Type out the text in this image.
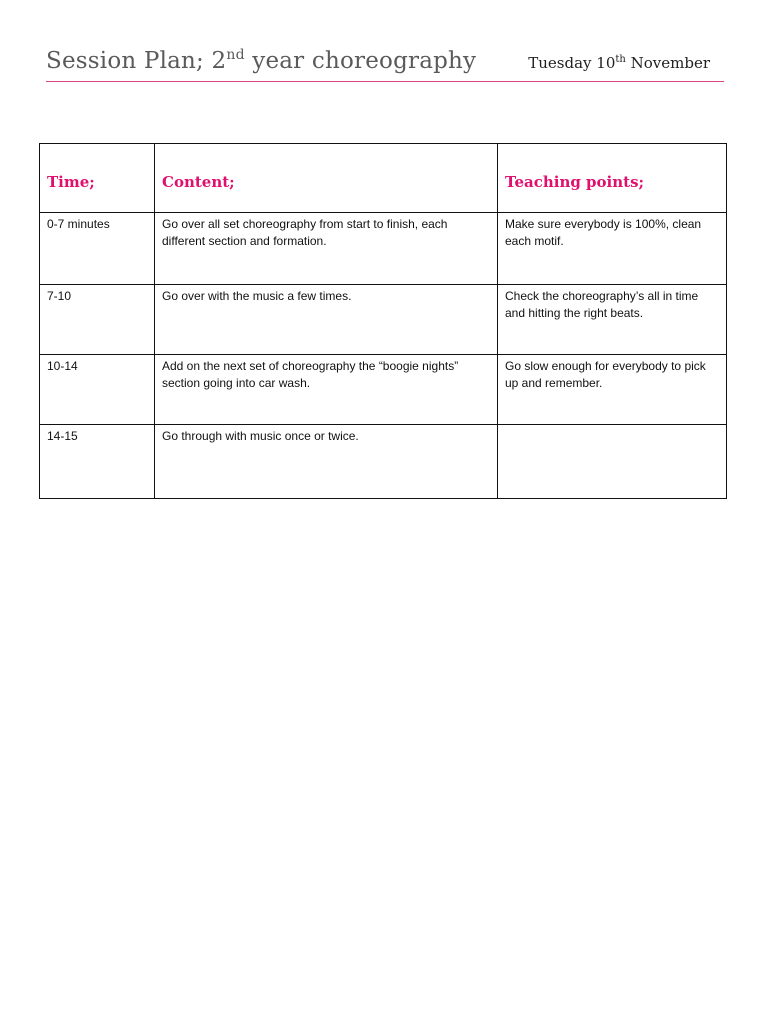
Session Plan; 2nd year choreography	Tuesday 10th November
Time;	Content;	Teaching points;

0-7 minutes	Go over all set choreography from start to finish, each different section and formation.	Make sure everybody is 100%, clean each motif.
7-10	Go over with the music a few times.	Check the choreography’s all in time and hitting the right beats.
10-14	Add on the next set of choreography the “boogie nights” section going into car wash.	Go slow enough for everybody to pick up and remember.
14-15	Go through with music once or twice.	
